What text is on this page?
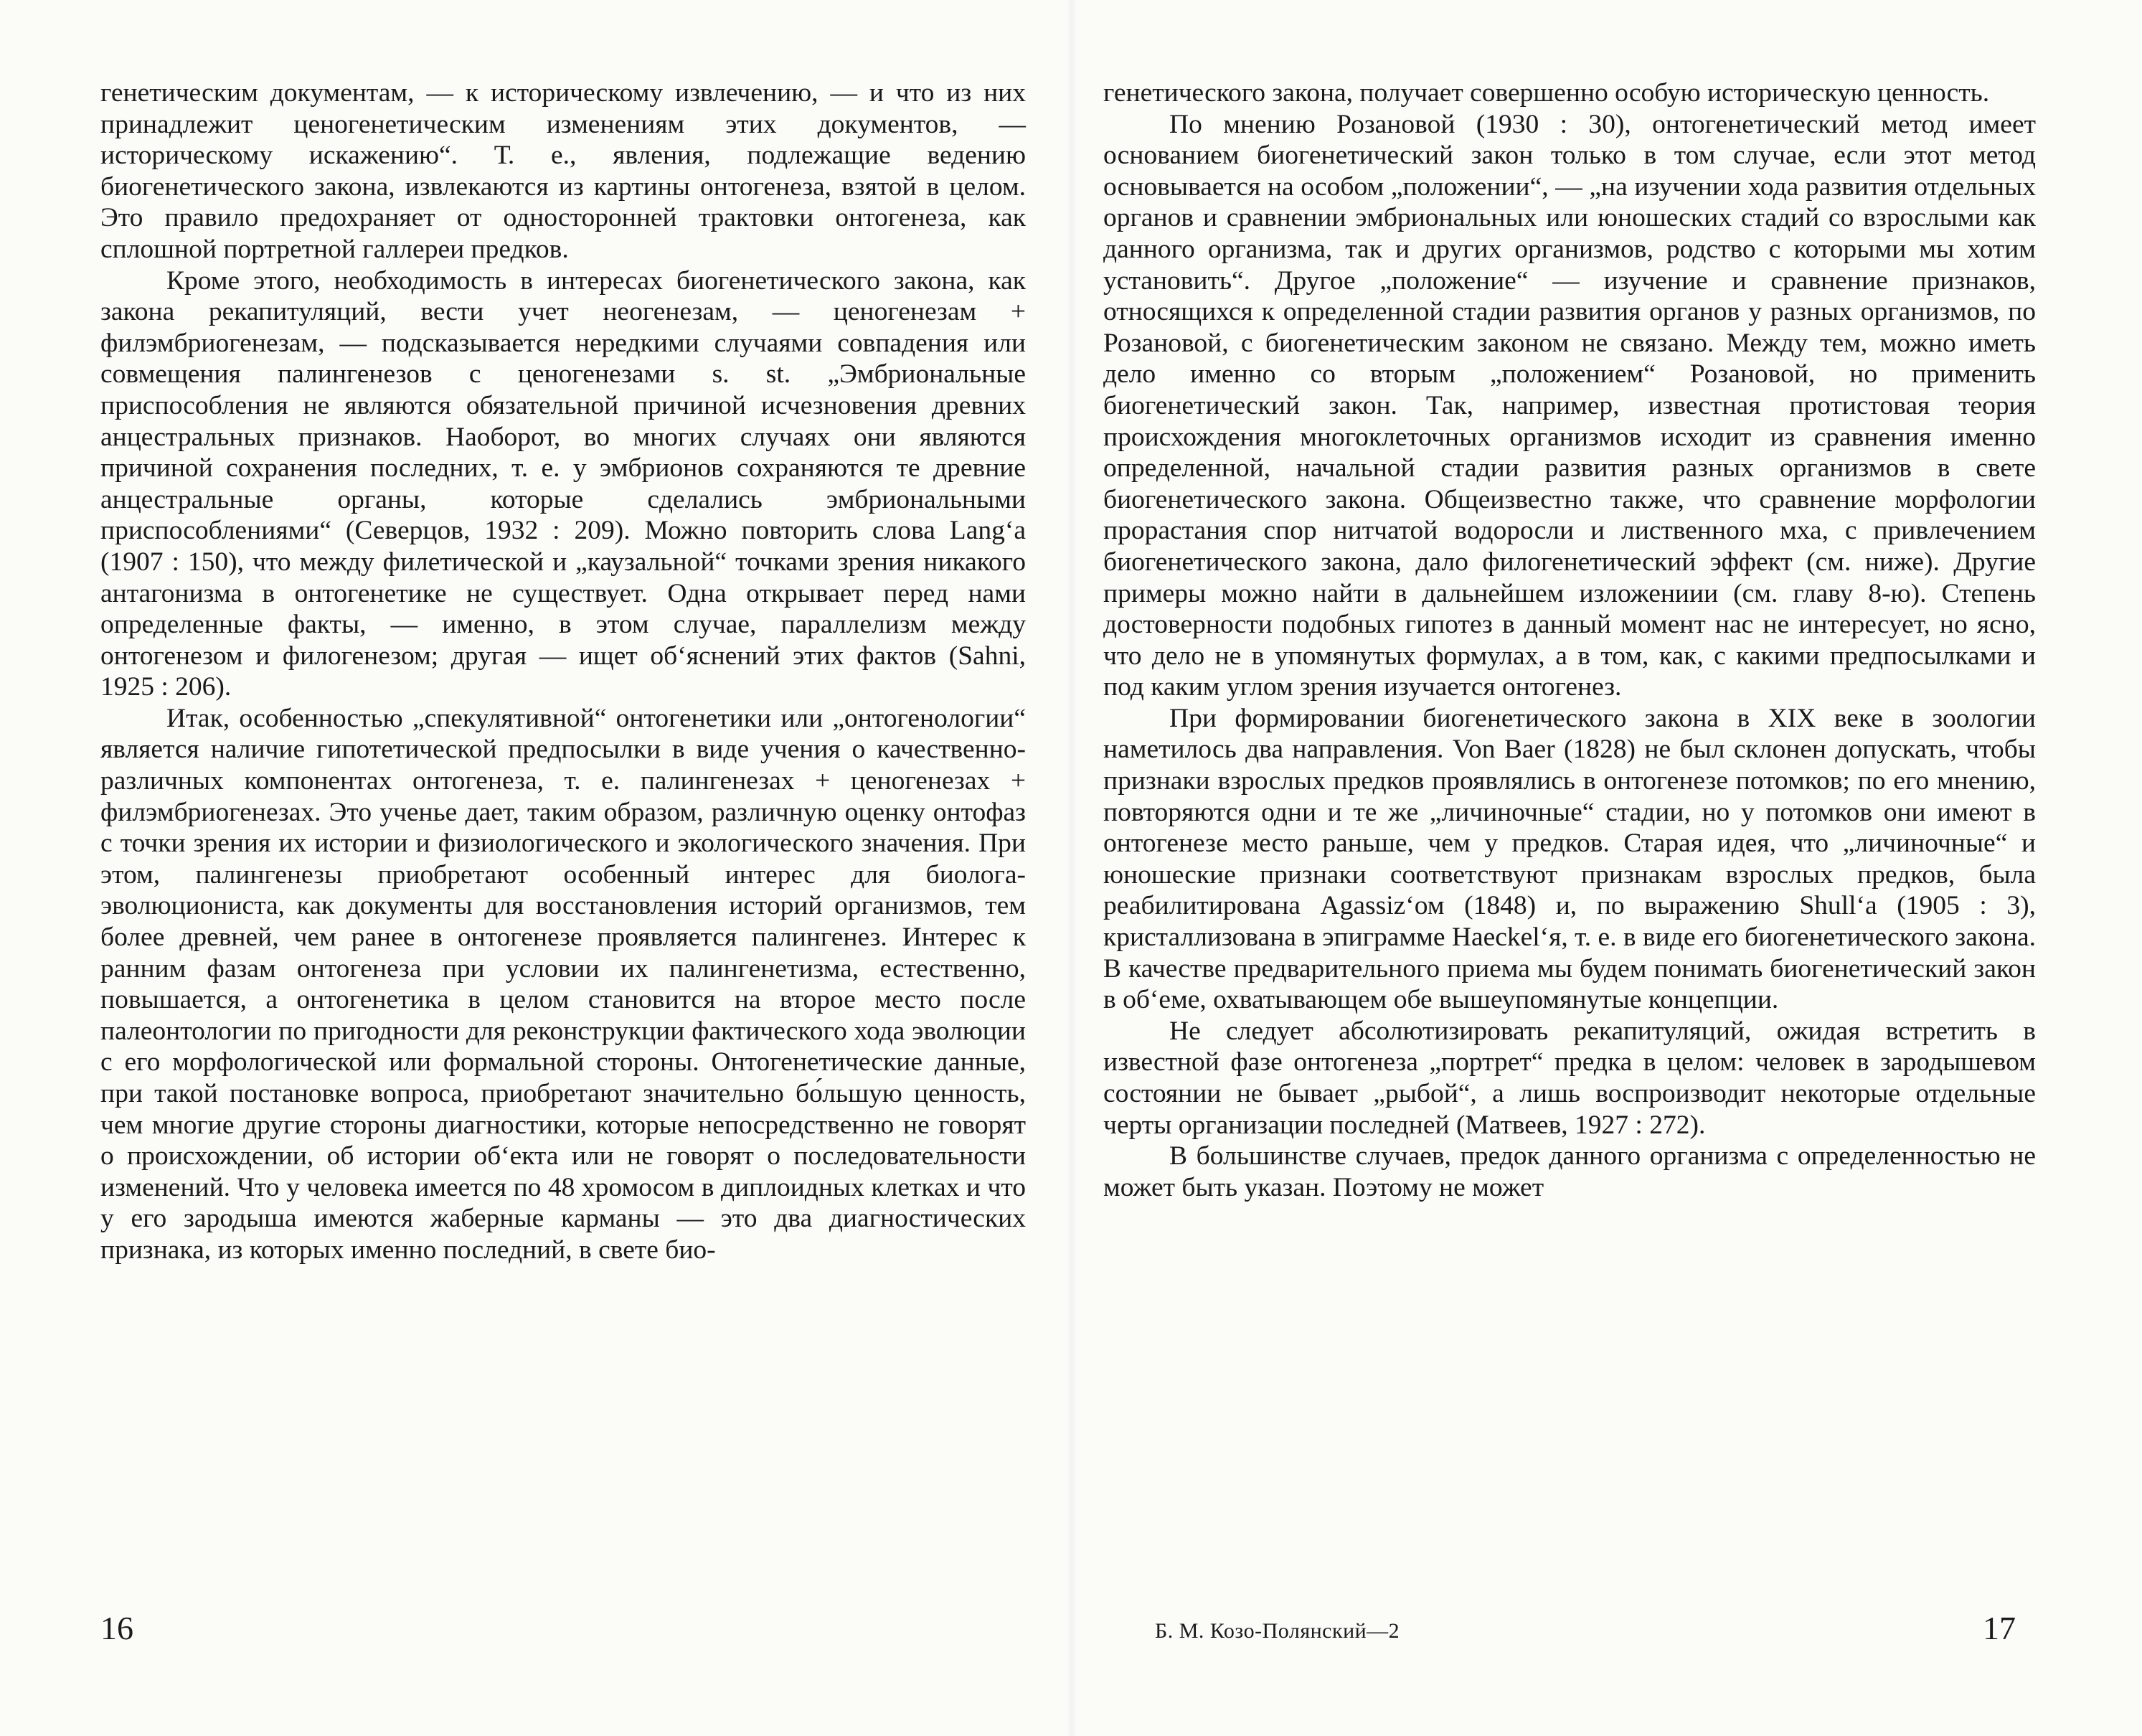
генетическим документам, — к историческому извлечению, — и что из них принадлежит ценогенетическим изменениям этих документов, — историческому искажению“. Т. е., явления, подлежащие ведению биогенетического закона, извлекаются из картины онтогенеза, взятой в целом. Это правило предохраняет от односторонней трактовки онтогенеза, как сплошной портретной галлереи предков.

Кроме этого, необходимость в интересах биогенетического закона, как закона рекапитуляций, вести учет неогенезам, — ценогенезам + филэмбриогенезам, — подсказывается нередкими случаями совпадения или совмещения палингенезов с ценогенезами s. st. „Эмбриональные приспособления не являются обязательной причиной исчезновения древних анцестральных признаков. Наоборот, во многих случаях они являются причиной сохранения последних, т. е. у эмбрионов сохраняются те древние анцестральные органы, которые сделались эмбриональными приспособлениями“ (Северцов, 1932 : 209). Можно повторить слова Lang‘a (1907 : 150), что между филетической и „каузальной“ точками зрения никакого антагонизма в онтогенетике не существует. Одна открывает перед нами определенные факты, — именно, в этом случае, параллелизм между онтогенезом и филогенезом; другая — ищет об‘яснений этих фактов (Sahni, 1925 : 206).

Итак, особенностью „спекулятивной“ онтогенетики или „онтогенологии“ является наличие гипотетической предпосылки в виде учения о качественно-различных компонентах онтогенеза, т. е. палингенезах + ценогенезах + филэмбриогенезах. Это ученье дает, таким образом, различную оценку онтофаз с точки зрения их истории и физиологического и экологического значения. При этом, палингенезы приобретают особенный интерес для биолога-эволюциониста, как документы для восстановления историй организмов, тем более древней, чем ранее в онтогенезе проявляется палингенез. Интерес к ранним фазам онтогенеза при условии их палингенетизма, естественно, повышается, а онтогенетика в целом становится на второе место после палеонтологии по пригодности для реконструкции фактического хода эволюции с его морфологической или формальной стороны. Онтогенетические данные, при такой постановке вопроса, приобретают значительно бо́льшую ценность, чем многие другие стороны диагностики, которые непосредственно не говорят о происхождении, об истории об‘екта или не говорят о последовательности изменений. Что у человека имеется по 48 хромосом в диплоидных клетках и что у его зародыша имеются жаберные карманы — это два диагностических признака, из которых именно последний, в свете био-

генетического закона, получает совершенно особую историческую ценность.

По мнению Розановой (1930 : 30), онтогенетический метод имеет основанием биогенетический закон только в том случае, если этот метод основывается на особом „положении“, — „на изучении хода развития отдельных органов и сравнении эмбриональных или юношеских стадий со взрослыми как данного организма, так и других организмов, родство с которыми мы хотим установить“. Другое „положение“ — изучение и сравнение признаков, относящихся к определенной стадии развития органов у разных организмов, по Розановой, с биогенетическим законом не связано. Между тем, можно иметь дело именно со вторым „положением“ Розановой, но применить биогенетический закон. Так, например, известная протистовая теория происхождения многоклеточных организмов исходит из сравнения именно определенной, начальной стадии развития разных организмов в свете биогенетического закона. Общеизвестно также, что сравнение морфологии прорастания спор нитчатой водоросли и лиственного мха, с привлечением биогенетического закона, дало филогенетический эффект (см. ниже). Другие примеры можно найти в дальнейшем изложениии (см. главу 8-ю). Степень достоверности подобных гипотез в данный момент нас не интересует, но ясно, что дело не в упомянутых формулах, а в том, как, с какими предпосылками и под каким углом зрения изучается онтогенез.

При формировании биогенетического закона в XIX веке в зоологии наметилось два направления. Von Baer (1828) не был склонен допускать, чтобы признаки взрослых предков проявлялись в онтогенезе потомков; по его мнению, повторяются одни и те же „личиночные“ стадии, но у потомков они имеют в онтогенезе место раньше, чем у предков. Старая идея, что „личиночные“ и юношеские признаки соответствуют признакам взрослых предков, была реабилитирована Agassiz‘ом (1848) и, по выражению Shull‘a (1905 : 3), кристаллизована в эпиграмме Haeckel‘я, т. е. в виде его биогенетического закона. В качестве предварительного приема мы будем понимать биогенетический закон в об‘еме, охватывающем обе вышеупомянутые концепции.

Не следует абсолютизировать рекапитуляций, ожидая встретить в известной фазе онтогенеза „портрет“ предка в целом: человек в зародышевом состоянии не бывает „рыбой“, а лишь воспроизводит некоторые отдельные черты организации последней (Матвеев, 1927 : 272).

В большинстве случаев, предок данного организма с определенностью не может быть указан. Поэтому не может

16	Б. М. Козо-Полянский—2	17
